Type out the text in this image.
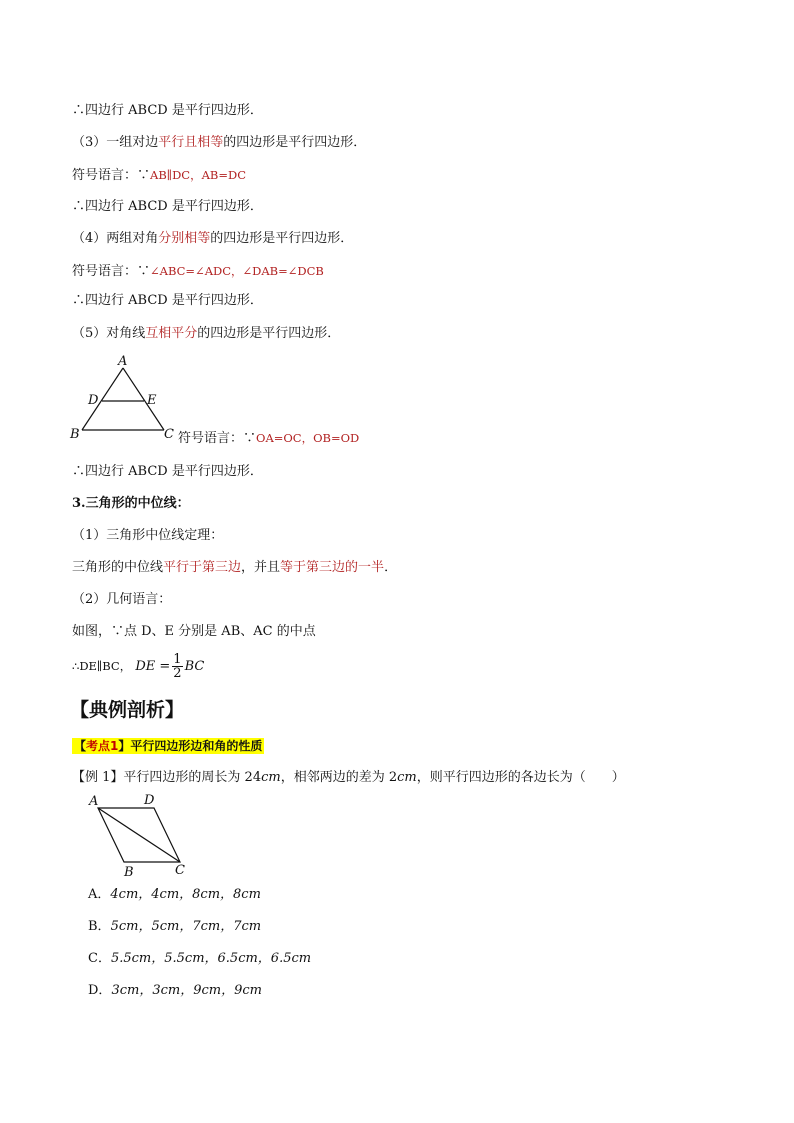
∴四边行 ABCD 是平行四边形．
（3）一组对边平行且相等的四边形是平行四边形．
符号语言：∵AB∥DC，AB=DC
∴四边行 ABCD 是平行四边形．
（4）两组对角分别相等的四边形是平行四边形．
符号语言：∵∠ABC=∠ADC，∠DAB=∠DCB
∴四边行 ABCD 是平行四边形．
（5）对角线互相平分的四边形是平行四边形．
A
D	E
B	C 符号语言：∵OA=OC，OB=OD
∴四边行 ABCD 是平行四边形．
3.三角形的中位线：
（1）三角形中位线定理：
三角形的中位线平行于第三边，并且等于第三边的一半．
（2）几何语言：
如图，∵点 D、E 分别是 AB、AC 的中点
∴DE∥BC， DE = $\frac{1}{2}$ BC
【典例剖析】
【考点1】平行四边形边和角的性质
【例 1】平行四边形的周长为 24cm，相邻两边的差为 2cm，则平行四边形的各边长为（　　）
A	D
B	C
A．4cm，4cm，8cm，8cm
B．5cm，5cm，7cm，7cm
C．5.5cm，5.5cm，6.5cm，6.5cm
D．3cm，3cm，9cm，9cm
